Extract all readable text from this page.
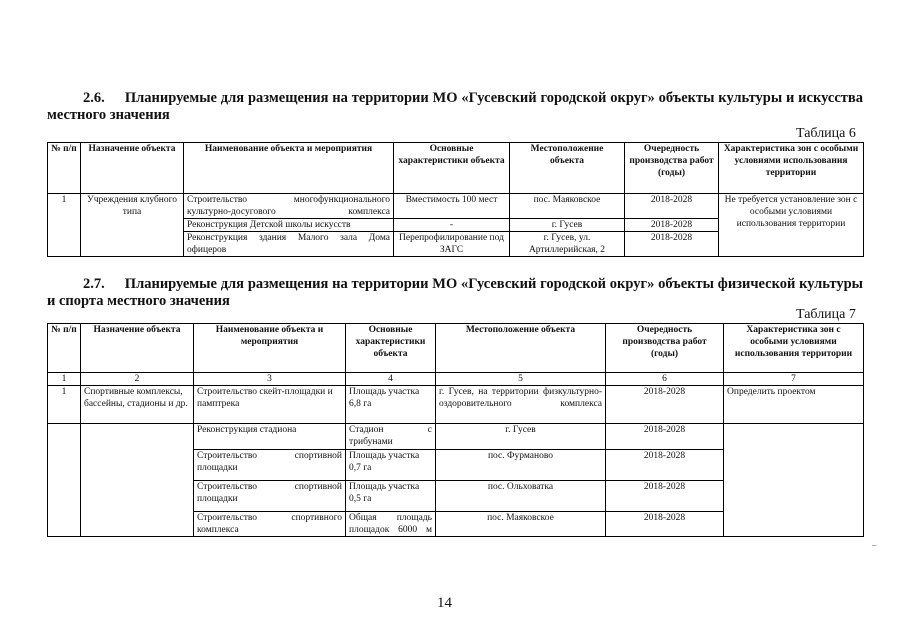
2.6. Планируемые для размещения на территории МО «Гусевский городской округ» объекты культуры и искусства местного значения
Таблица 6
№ п/п	Назначение объекта	Наименование объекта и мероприятия	Основные характеристики объекта	Местоположение объекта	Очередность производства работ (годы)	Характеристика зон с особыми условиями использования территории
1	Учреждения клубного типа	Строительство многофункционального культурно-досугового комплекса	Вместимость 100 мест	пос. Маяковское	2018-2028	Не требуется установление зон с особыми условиями использования территории
		Реконструкция Детской школы искусств	-	г. Гусев	2018-2028	
		Реконструкция здания Малого зала Дома офицеров	Перепрофилирование под ЗАГС	г. Гусев, ул. Артиллерийская, 2	2018-2028	
2.7. Планируемые для размещения на территории МО «Гусевский городской округ» объекты физической культуры и спорта местного значения
Таблица 7
№ п/п	Назначение объекта	Наименование объекта и мероприятия	Основные характеристики объекта	Местоположение объекта	Очередность производства работ (годы)	Характеристика зон с особыми условиями использования территории
1	2	3	4	5	6	7
1	Спортивные комплексы, бассейны, стадионы и др.	Строительство скейт-площадки и памптрека	Площадь участка 6,8 га	г. Гусев, на территории физкультурно-оздоровительного комплекса	2018-2028	Определить проектом
		Реконструкция стадиона	Стадион с трибунами	г. Гусев	2018-2028	
		Строительство спортивной площадки	Площадь участка 0,7 га	пос. Фурманово	2018-2028	
		Строительство спортивной площадки	Площадь участка 0,5 га	пос. Ольховатка	2018-2028	
		Строительство спортивного комплекса	Общая площадь площадок 6000 м	пос. Маяковское	2018-2028	
–
14
